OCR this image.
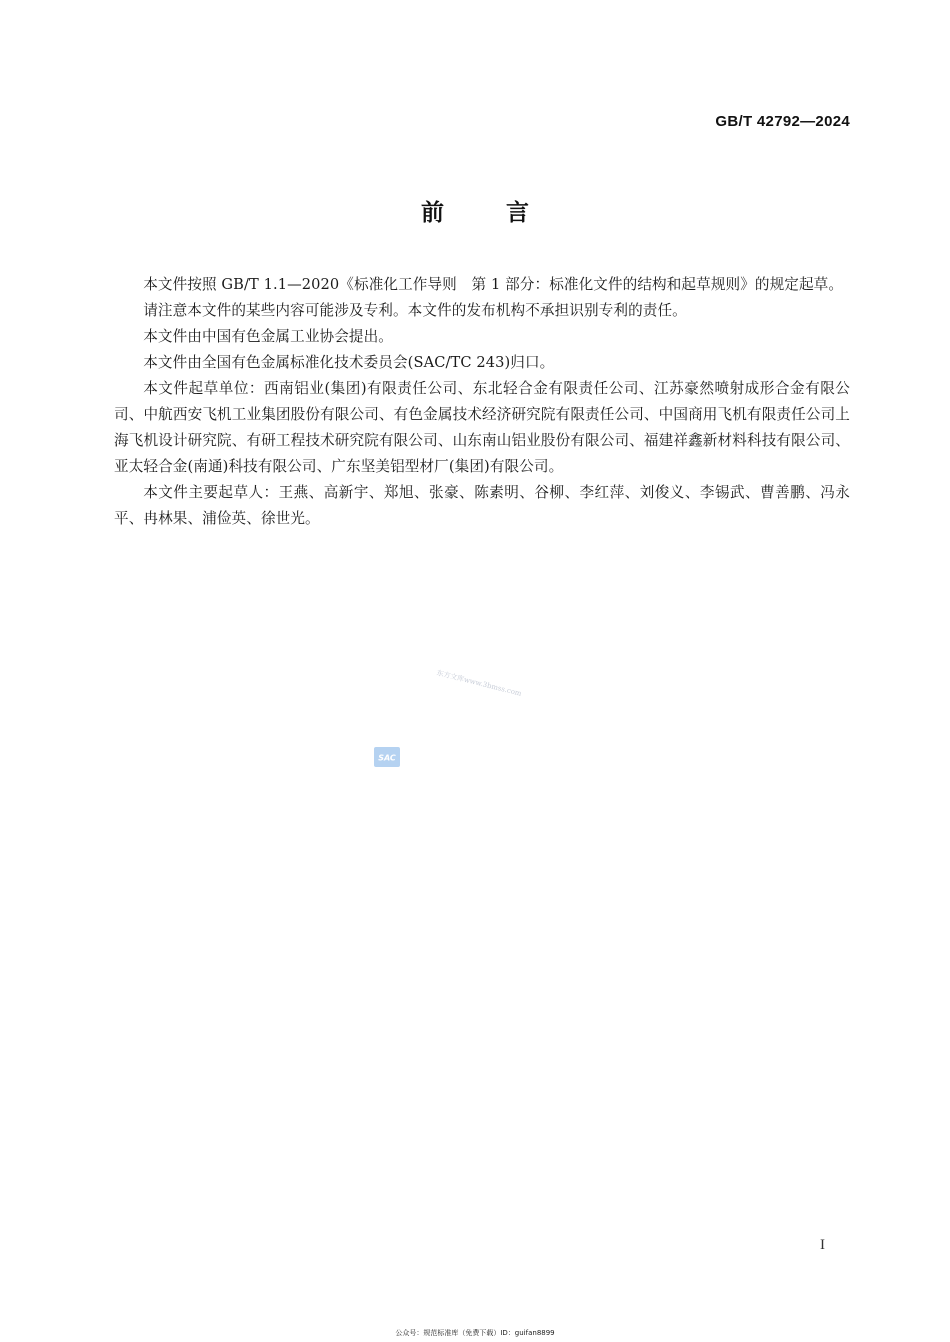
GB/T 42792—2024
前言

本文件按照 GB/T 1.1—2020《标准化工作导则　第 1 部分：标准化文件的结构和起草规则》的规定起草。

请注意本文件的某些内容可能涉及专利。本文件的发布机构不承担识别专利的责任。

本文件由中国有色金属工业协会提出。

本文件由全国有色金属标准化技术委员会(SAC/TC 243)归口。

本文件起草单位：西南铝业(集团)有限责任公司、东北轻合金有限责任公司、江苏豪然喷射成形合金有限公司、中航西安飞机工业集团股份有限公司、有色金属技术经济研究院有限责任公司、中国商用飞机有限责任公司上海飞机设计研究院、有研工程技术研究院有限公司、山东南山铝业股份有限公司、福建祥鑫新材料科技有限公司、亚太轻合金(南通)科技有限公司、广东坚美铝型材厂(集团)有限公司。

本文件主要起草人：王燕、高新宇、郑旭、张豪、陈素明、谷柳、李红萍、刘俊义、李锡武、曹善鹏、冯永平、冉林果、浦俭英、徐世光。

东方文库www.3bmss.com
SAC
I
公众号：规范标准库（免费下载）ID：guifan8899
